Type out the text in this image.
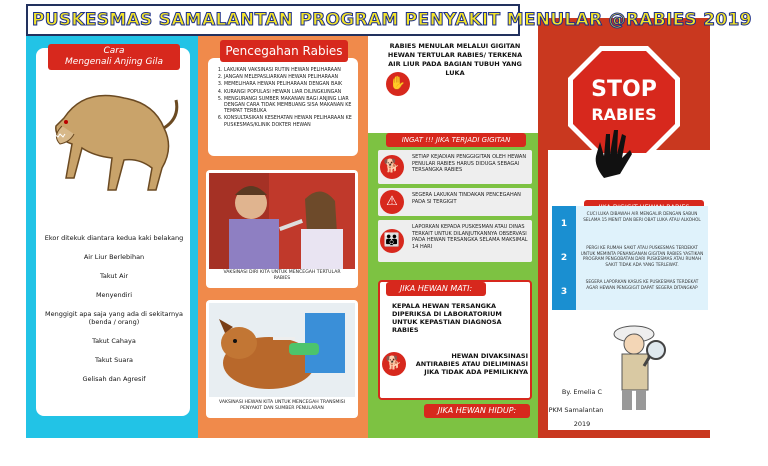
PUSKESMAS SAMALANTAN PROGRAM PENYAKIT MENULAR @RABIES 2019
Cara
Mengenali Anjing Gila
Ekor ditekuk diantara kedua kaki belakang
Air Liur Berlebihan
Takut Air
Menyendiri
Menggigit apa saja yang ada di sekitarnya (benda / orang)
Takut Cahaya
Takut Suara
Gelisah dan Agresif
1. LAKUKAN VAKSINASI RUTIN HEWAN PELIHARAAN
2. JANGAN MELEPASLIARKAN HEWAN PELIHARAAN
3. MEMELIHARA HEWAN PELIHARAAN DENGAN BAIK
4. KURANGI POPULASI HEWAN LIAR DILINGKUNGAN
5. MENGURANGI SUMBER MAKANAN BAGI ANJING LIAR DENGAN CARA TIDAK MEMBUANG SISA MAKANAN KE TEMPAT TERBUKA
6. KONSULTASIKAN KESEHATAN HEWAN PELIHARAAN KE PUSKESMAS/KLINIK DOKTER HEWAN
Pencegahan Rabies
VAKSINASI DIRI KITA UNTUK MENCEGAH TERTULAR RABIES
VAKSINASI HEWAN KITA UNTUK MENCEGAH TRANSMISI PENYAKIT DAN SUMBER PENULARAN
RABIES MENULAR MELALUI GIGITAN HEWAN TERTULAR RABIES/ TERKENA AIR LIUR PADA BAGIAN TUBUH YANG LUKA
✋
INGAT !!! JIKA TERJADI GIGITAN
🐕
SETIAP KEJADIAN PENGGIGITAN OLEH HEWAN PENULAR RABIES HARUS DIDUGA SEBAGAI TERSANGKA RABIES
⚠	SEGERA LAKUKAN TINDAKAN PENCEGAHAN PADA SI TERGIGIT
👪
LAPORKAN KEPADA PUSKESMAN ATAU DINAS TERKAIT UNTUK DILANJUTKANNYA OBSERVASI PADA HEWAN TERSANGKA SELAMA MAKSIMAL 14 HARI
JIKA HEWAN MATI:
KEPALA HEWAN TERSANGKA DIPERIKSA DI LABORATORIUM UNTUK KEPASTIAN DIAGNOSA RABIES
🐕	HEWAN DIVAKSINASI ANTIRABIES ATAU DIELIMINASI JIKA TIDAK ADA PEMILIKNYA
JIKA HEWAN HIDUP:
STOP
RABIES
1
CUCI LUKA DIBAWAH AIR MENGALIR DENGAN SABUN SELAMA 15 MENIT DAN BERI OBAT LUKA ATAU ALKOHOL
2
PERGI KE RUMAH SAKIT ATAU PUSKESMAS TERDEKAT UNTUK MEMINTA PENANGANAN GIGITAN RABIES YASTIKAN PROGRAM PENGOBATAN DARI PUSKESMAS ATAU RUMAH SAKIT TIDAK ADA YANG TERLEWAT.
3
SEGERA LAPORKAN KASUS KE PUSKESMAS TERDEKAT AGAR HEWAN PENGGIGIT DAPAT SEGERA DITANGKAP
By. Emelia C
PKM Samalantan
2019
